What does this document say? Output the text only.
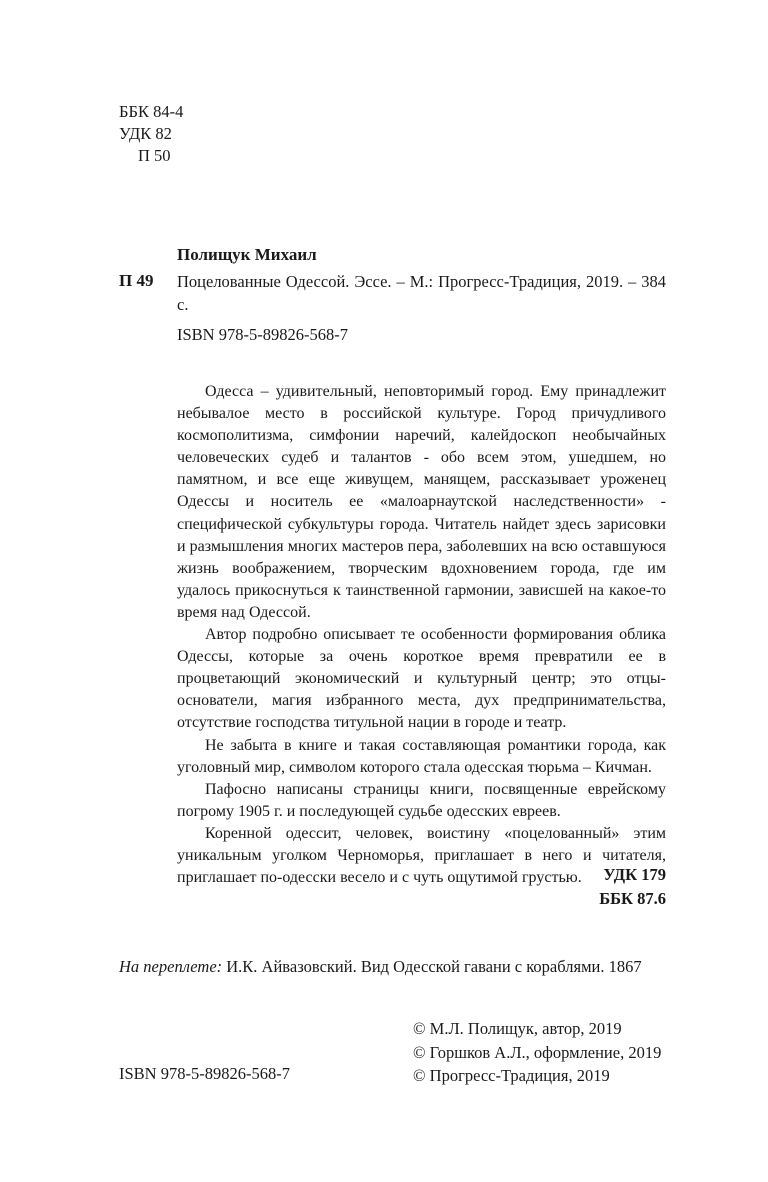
ББК 84-4
УДК 82
П 50
Полищук Михаил
П 49 Поцелованные Одессой. Эссе. – М.: Прогресс-Традиция, 2019. – 384 с.
ISBN 978-5-89826-568-7

Одесса – удивительный, неповторимый город. Ему принадлежит небывалое место в российской культуре. Город причудливого космополитизма, симфонии наречий, калейдоскоп необычайных человеческих судеб и талантов - обо всем этом, ушедшем, но памятном, и все еще живущем, манящем, рассказывает уроженец Одессы и носитель ее «малоарнаутской наследственности» - специфической субкультуры города. Читатель найдет здесь зарисовки и размышления многих мастеров пера, заболевших на всю оставшуюся жизнь воображением, творческим вдохновением города, где им удалось прикоснуться к таинственной гармонии, зависшей на какое-то время над Одессой.

Автор подробно описывает те особенности формирования облика Одессы, которые за очень короткое время превратили ее в процветающий экономический и культурный центр; это отцы-основатели, магия избранного места, дух предпринимательства, отсутствие господства титульной нации в городе и театр.

Не забыта в книге и такая составляющая романтики города, как уголовный мир, символом которого стала одесская тюрьма – Кичман.

Пафосно написаны страницы книги, посвященные еврейскому погрому 1905 г. и последующей судьбе одесских евреев.

Коренной одессит, человек, воистину «поцелованный» этим уникальным уголком Черноморья, приглашает в него и читателя, приглашает по-одесски весело и с чуть ощутимой грустью.	УДК 179
ББК 87.6
На переплете: И.К. Айвазовский. Вид Одесской гавани с кораблями. 1867
ISBN 978-5-89826-568-7
© М.Л. Полищук, автор, 2019
© Горшков А.Л., оформление, 2019
© Прогресс-Традиция, 2019
